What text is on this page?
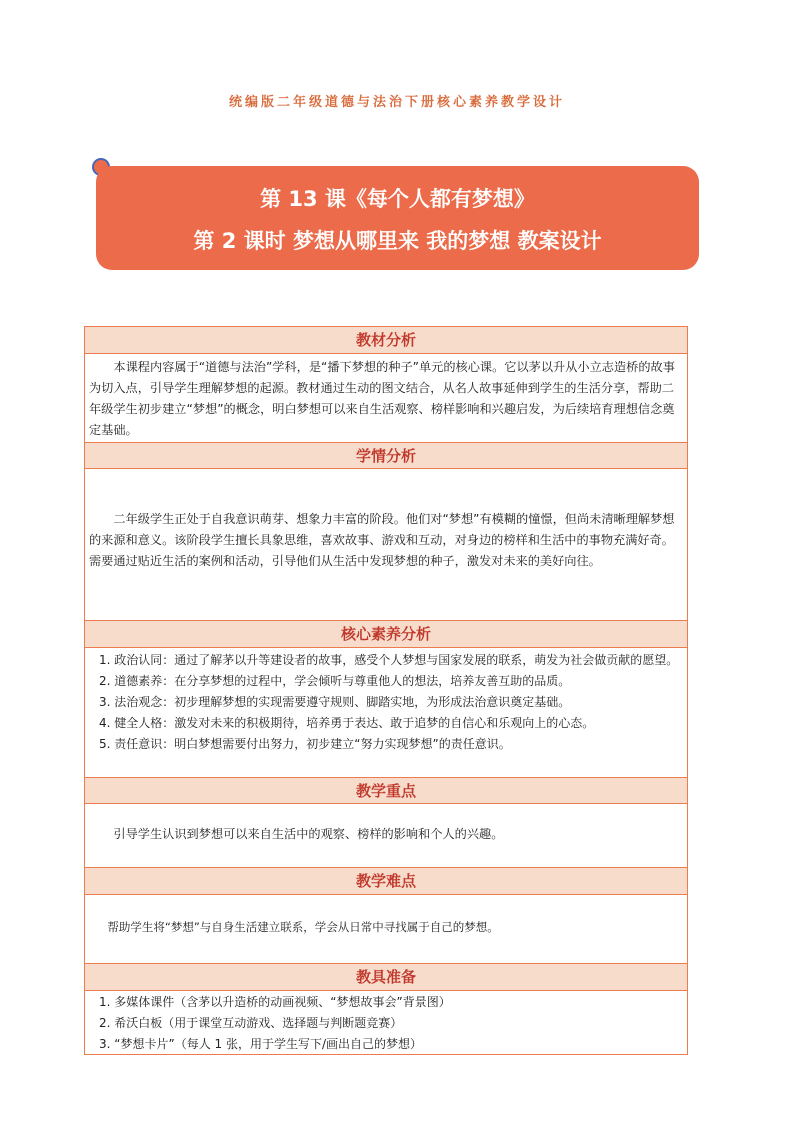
统编版二年级道德与法治下册核心素养教学设计
第 13 课《每个人都有梦想》
第 2 课时 梦想从哪里来 我的梦想 教案设计
教材分析

本课程内容属于“道德与法治”学科，是“播下梦想的种子”单元的核心课。它以茅以升从小立志造桥的故事为切入点，引导学生理解梦想的起源。教材通过生动的图文结合，从名人故事延伸到学生的生活分享，帮助二年级学生初步建立“梦想”的概念，明白梦想可以来自生活观察、榜样影响和兴趣启发，为后续培育理想信念奠定基础。

学情分析

二年级学生正处于自我意识萌芽、想象力丰富的阶段。他们对“梦想”有模糊的憧憬，但尚未清晰理解梦想的来源和意义。该阶段学生擅长具象思维，喜欢故事、游戏和互动，对身边的榜样和生活中的事物充满好奇。需要通过贴近生活的案例和活动，引导他们从生活中发现梦想的种子，激发对未来的美好向往。

核心素养分析

1. 政治认同：通过了解茅以升等建设者的故事，感受个人梦想与国家发展的联系，萌发为社会做贡献的愿望。

2. 道德素养：在分享梦想的过程中，学会倾听与尊重他人的想法，培养友善互助的品质。

3. 法治观念：初步理解梦想的实现需要遵守规则、脚踏实地，为形成法治意识奠定基础。

4. 健全人格：激发对未来的积极期待，培养勇于表达、敢于追梦的自信心和乐观向上的心态。

5. 责任意识：明白梦想需要付出努力，初步建立“努力实现梦想”的责任意识。

教学重点

引导学生认识到梦想可以来自生活中的观察、榜样的影响和个人的兴趣。

教学难点

帮助学生将“梦想”与自身生活建立联系，学会从日常中寻找属于自己的梦想。

教具准备

1. 多媒体课件（含茅以升造桥的动画视频、“梦想故事会”背景图）

2. 希沃白板（用于课堂互动游戏、选择题与判断题竞赛）

3. “梦想卡片”（每人 1 张，用于学生写下/画出自己的梦想）
